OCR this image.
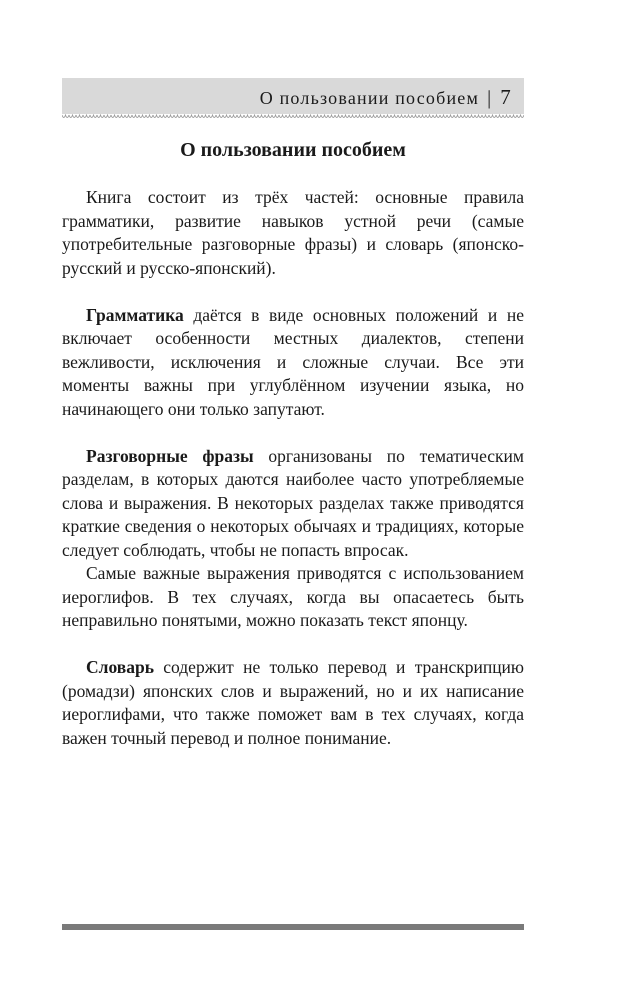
О пользовании пособием | 7
О пользовании пособием

Книга состоит из трёх частей: основные правила грамматики, развитие навыков устной речи (самые употребительные разговорные фразы) и словарь (японско-русский и русско-японский).

Грамматика даётся в виде основных положений и не включает особенности местных диалектов, степени вежливости, исключения и сложные случаи. Все эти моменты важны при углублённом изучении языка, но начинающего они только запутают.

Разговорные фразы организованы по тематическим разделам, в которых даются наиболее часто употребляемые слова и выражения. В некоторых разделах также приводятся краткие сведения о некоторых обычаях и традициях, которые следует соблюдать, чтобы не попасть впросак.

Самые важные выражения приводятся с использованием иероглифов. В тех случаях, когда вы опасаетесь быть неправильно понятыми, можно показать текст японцу.

Словарь содержит не только перевод и транскрипцию (ромадзи) японских слов и выражений, но и их написание иероглифами, что также поможет вам в тех случаях, когда важен точный перевод и полное понимание.
